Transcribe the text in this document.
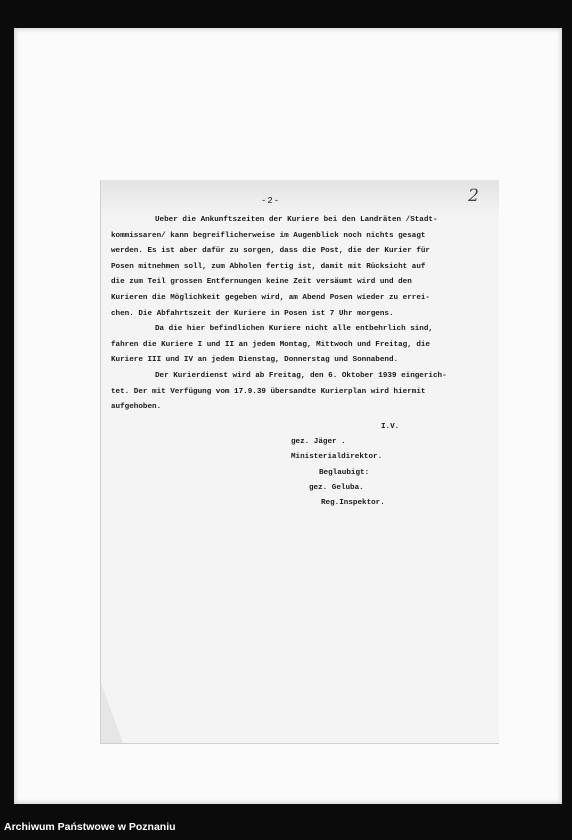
-2-	2
Ueber die Ankunftszeiten der Kuriere bei den Landräten /Stadt-
kommissaren/ kann begreiflicherweise im Augenblick noch nichts gesagt
werden. Es ist aber dafür zu sorgen, dass die Post, die der Kurier für
Posen mitnehmen soll, zum Abholen fertig ist, damit mit Rücksicht auf
die zum Teil grossen Entfernungen keine Zeit versäumt wird und den
Kurieren die Möglichkeit gegeben wird, am Abend Posen wieder zu errei-
chen. Die Abfahrtszeit der Kuriere in Posen ist 7 Uhr morgens.
Da die hier befindlichen Kuriere nicht alle entbehrlich sind,
fahren die Kuriere I und II an jedem Montag, Mittwoch und Freitag, die
Kuriere III und IV an jedem Dienstag, Donnerstag und Sonnabend.
Der Kurierdienst wird ab Freitag, den 6. Oktober 1939 eingerich-
tet. Der mit Verfügung vom 17.9.39 übersandte Kurierplan wird hiermit
aufgehoben.
I.V.
gez. Jäger .
Ministerialdirektor.
Beglaubigt:
gez. Geluba.
Reg.Inspektor.
Archiwum Państwowe w Poznaniu
